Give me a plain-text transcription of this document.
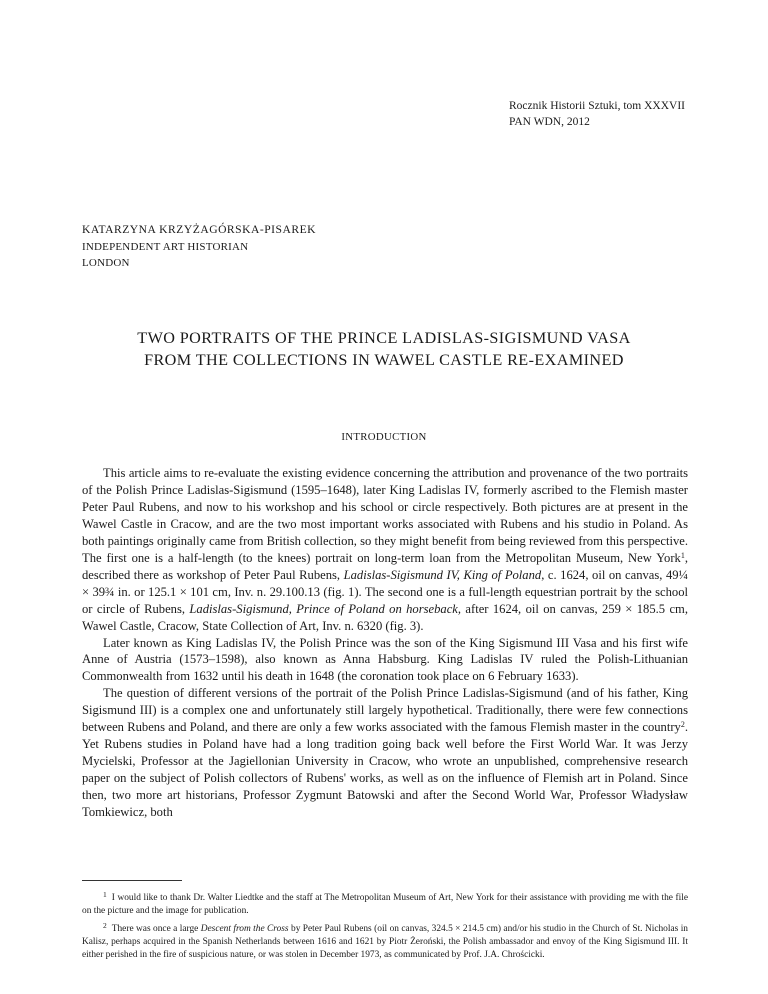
Rocznik Historii Sztuki, tom XXXVII
PAN WDN, 2012
KATARZYNA KRZYŻAGÓRSKA-PISAREK
INDEPENDENT ART HISTORIAN
LONDON
TWO PORTRAITS OF THE PRINCE LADISLAS-SIGISMUND VASA
FROM THE COLLECTIONS IN WAWEL CASTLE RE-EXAMINED
INTRODUCTION

This article aims to re-evaluate the existing evidence concerning the attribution and provenance of the two portraits of the Polish Prince Ladislas-Sigismund (1595–1648), later King Ladislas IV, formerly ascribed to the Flemish master Peter Paul Rubens, and now to his workshop and his school or circle respectively. Both pictures are at present in the Wawel Castle in Cracow, and are the two most important works associated with Rubens and his studio in Poland. As both paintings originally came from British collection, so they might benefit from being reviewed from this perspective. The first one is a half-length (to the knees) portrait on long-term loan from the Metropolitan Museum, New York$^1$, described there as workshop of Peter Paul Rubens, Ladislas-Sigismund IV, King of Poland, c. 1624, oil on canvas, 49¼ × 39¾ in. or 125.1 × 101 cm, Inv. n. 29.100.13 (fig. 1). The second one is a full-length equestrian portrait by the school or circle of Rubens, Ladislas-Sigismund, Prince of Poland on horseback, after 1624, oil on canvas, 259 × 185.5 cm, Wawel Castle, Cracow, State Collection of Art, Inv. n. 6320 (fig. 3).

Later known as King Ladislas IV, the Polish Prince was the son of the King Sigismund III Vasa and his first wife Anne of Austria (1573–1598), also known as Anna Habsburg. King Ladislas IV ruled the Polish-Lithuanian Commonwealth from 1632 until his death in 1648 (the coronation took place on 6 February 1633).

The question of different versions of the portrait of the Polish Prince Ladislas-Sigismund (and of his father, King Sigismund III) is a complex one and unfortunately still largely hypothetical. Traditionally, there were few connections between Rubens and Poland, and there are only a few works associated with the famous Flemish master in the country$^2$. Yet Rubens studies in Poland have had a long tradition going back well before the First World War. It was Jerzy Mycielski, Professor at the Jagiellonian University in Cracow, who wrote an unpublished, comprehensive research paper on the subject of Polish collectors of Rubens' works, as well as on the influence of Flemish art in Poland. Since then, two more art historians, Professor Zygmunt Batowski and after the Second World War, Professor Władysław Tomkiewicz, both

$^1$ I would like to thank Dr. Walter Liedtke and the staff at The Metropolitan Museum of Art, New York for their assistance with providing me with the file on the picture and the image for publication.

$^2$ There was once a large Descent from the Cross by Peter Paul Rubens (oil on canvas, 324.5 × 214.5 cm) and/or his studio in the Church of St. Nicholas in Kalisz, perhaps acquired in the Spanish Netherlands between 1616 and 1621 by Piotr Żeroński, the Polish ambassador and envoy of the King Sigismund III. It either perished in the fire of suspicious nature, or was stolen in December 1973, as communicated by Prof. J.A. Chrościcki.
